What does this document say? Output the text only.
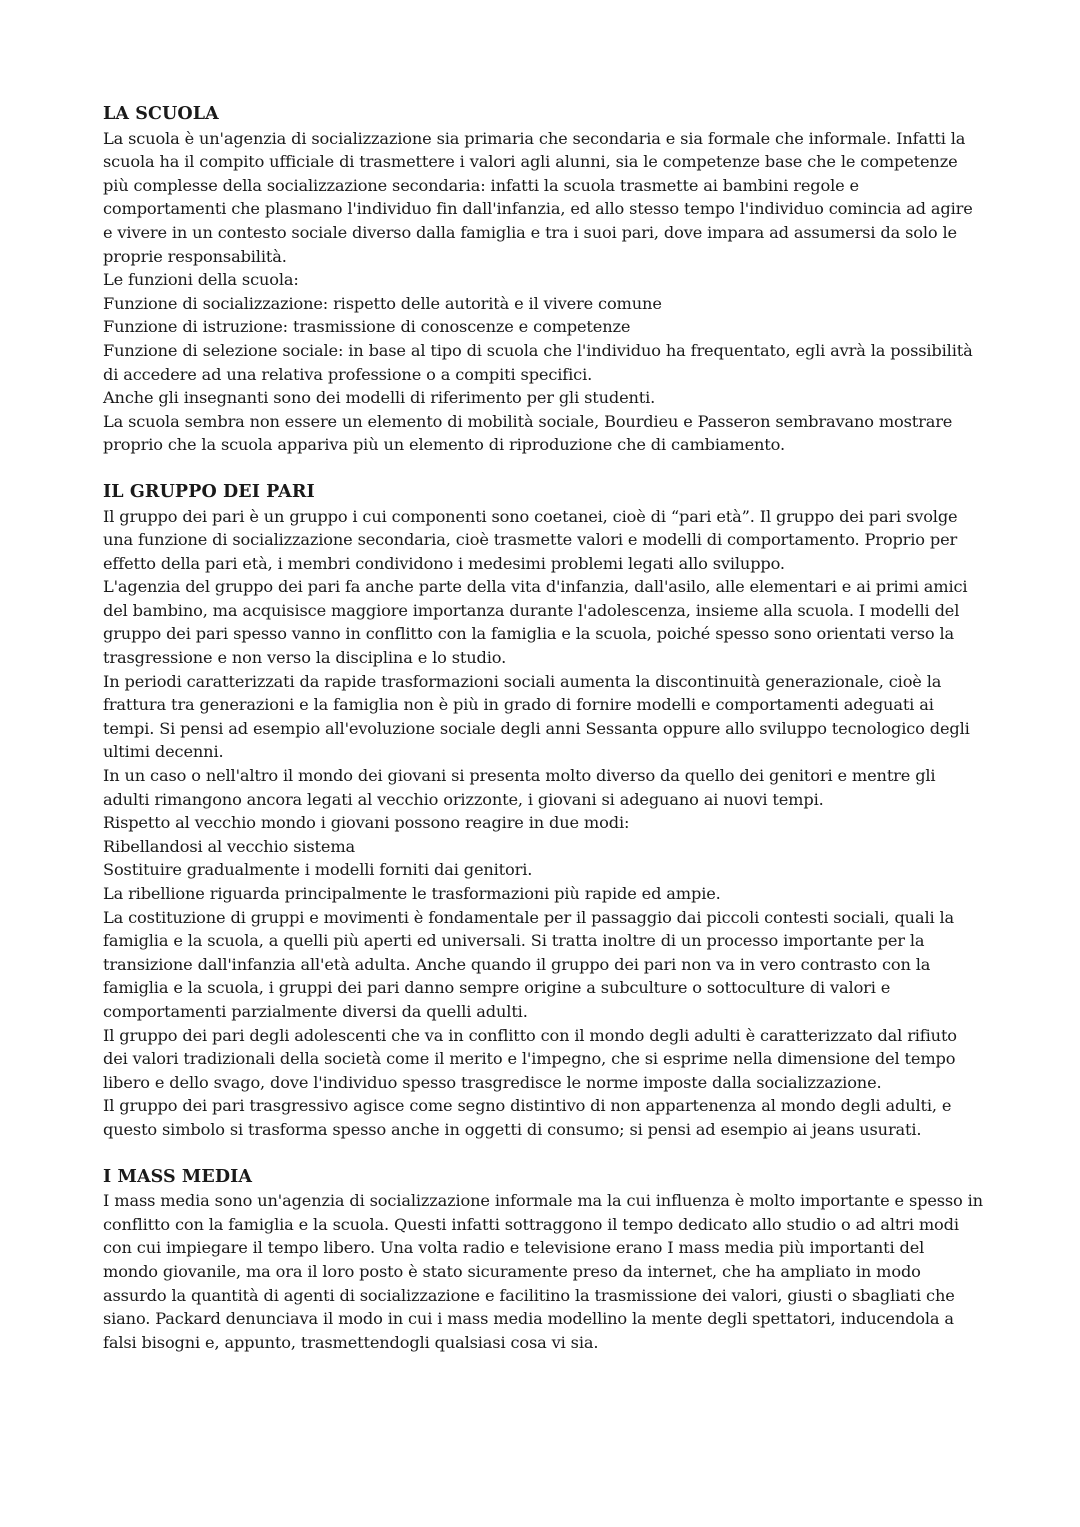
LA SCUOLA

La scuola è un'agenzia di socializzazione sia primaria che secondaria e sia formale che informale. Infatti la scuola ha il compito ufficiale di trasmettere i valori agli alunni, sia le competenze base che le competenze più complesse della socializzazione secondaria: infatti la scuola trasmette ai bambini regole e comportamenti che plasmano l'individuo fin dall'infanzia, ed allo stesso tempo l'individuo comincia ad agire e vivere in un contesto sociale diverso dalla famiglia e tra i suoi pari, dove impara ad assumersi da solo le proprie responsabilità.

Le funzioni della scuola:

Funzione di socializzazione: rispetto delle autorità e il vivere comune

Funzione di istruzione: trasmissione di conoscenze e competenze

Funzione di selezione sociale: in base al tipo di scuola che l'individuo ha frequentato, egli avrà la possibilità di accedere ad una relativa professione o a compiti specifici.

Anche gli insegnanti sono dei modelli di riferimento per gli studenti.

La scuola sembra non essere un elemento di mobilità sociale, Bourdieu e Passeron sembravano mostrare proprio che la scuola appariva più un elemento di riproduzione che di cambiamento.

IL GRUPPO DEI PARI

Il gruppo dei pari è un gruppo i cui componenti sono coetanei, cioè di “pari età”. Il gruppo dei pari svolge una funzione di socializzazione secondaria, cioè trasmette valori e modelli di comportamento. Proprio per effetto della pari età, i membri condividono i medesimi problemi legati allo sviluppo.

L'agenzia del gruppo dei pari fa anche parte della vita d'infanzia, dall'asilo, alle elementari e ai primi amici del bambino, ma acquisisce maggiore importanza durante l'adolescenza, insieme alla scuola. I modelli del gruppo dei pari spesso vanno in conflitto con la famiglia e la scuola, poiché spesso sono orientati verso la trasgressione e non verso la disciplina e lo studio.

In periodi caratterizzati da rapide trasformazioni sociali aumenta la discontinuità generazionale, cioè la frattura tra generazioni e la famiglia non è più in grado di fornire modelli e comportamenti adeguati ai tempi. Si pensi ad esempio all'evoluzione sociale degli anni Sessanta oppure allo sviluppo tecnologico degli ultimi decenni.

In un caso o nell'altro il mondo dei giovani si presenta molto diverso da quello dei genitori e mentre gli adulti rimangono ancora legati al vecchio orizzonte, i giovani si adeguano ai nuovi tempi.

Rispetto al vecchio mondo i giovani possono reagire in due modi:

Ribellandosi al vecchio sistema

Sostituire gradualmente i modelli forniti dai genitori.

La ribellione riguarda principalmente le trasformazioni più rapide ed ampie.

La costituzione di gruppi e movimenti è fondamentale per il passaggio dai piccoli contesti sociali, quali la famiglia e la scuola, a quelli più aperti ed universali. Si tratta inoltre di un processo importante per la transizione dall'infanzia all'età adulta. Anche quando il gruppo dei pari non va in vero contrasto con la famiglia e la scuola, i gruppi dei pari danno sempre origine a subculture o sottoculture di valori e comportamenti parzialmente diversi da quelli adulti.

Il gruppo dei pari degli adolescenti che va in conflitto con il mondo degli adulti è caratterizzato dal rifiuto dei valori tradizionali della società come il merito e l'impegno, che si esprime nella dimensione del tempo libero e dello svago, dove l'individuo spesso trasgredisce le norme imposte dalla socializzazione.

Il gruppo dei pari trasgressivo agisce come segno distintivo di non appartenenza al mondo degli adulti, e questo simbolo si trasforma spesso anche in oggetti di consumo; si pensi ad esempio ai jeans usurati.

I MASS MEDIA

I mass media sono un'agenzia di socializzazione informale ma la cui influenza è molto importante e spesso in conflitto con la famiglia e la scuola. Questi infatti sottraggono il tempo dedicato allo studio o ad altri modi con cui impiegare il tempo libero. Una volta radio e televisione erano I mass media più importanti del mondo giovanile, ma ora il loro posto è stato sicuramente preso da internet, che ha ampliato in modo assurdo la quantità di agenti di socializzazione e facilitino la trasmissione dei valori, giusti o sbagliati che siano. Packard denunciava il modo in cui i mass media modellino la mente degli spettatori, inducendola a falsi bisogni e, appunto, trasmettendogli qualsiasi cosa vi sia.
